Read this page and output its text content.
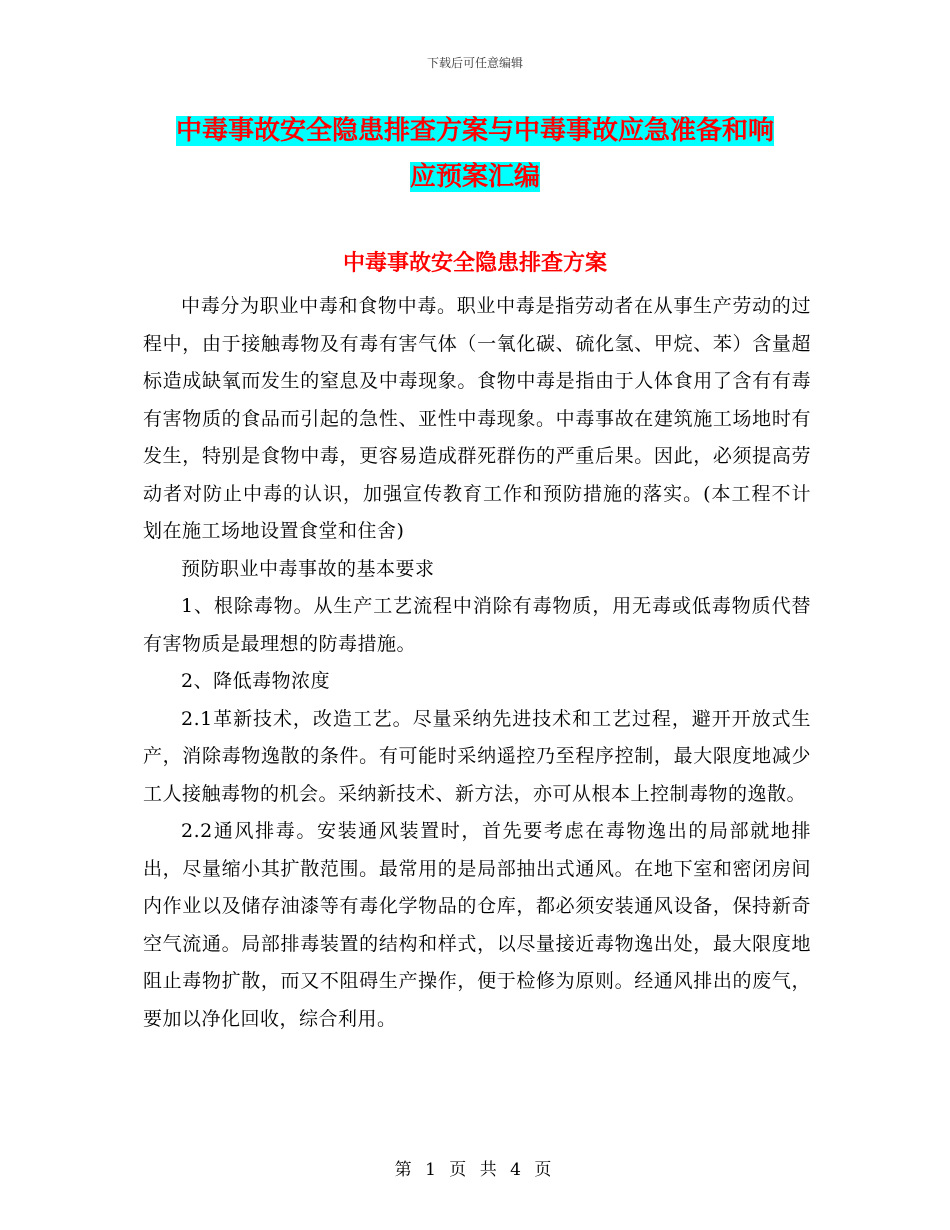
下载后可任意编辑
中毒事故安全隐患排查方案与中毒事故应急准备和响
应预案汇编
中毒事故安全隐患排查方案

中毒分为职业中毒和食物中毒。职业中毒是指劳动者在从事生产劳动的过程中，由于接触毒物及有毒有害气体（一氧化碳、硫化氢、甲烷、苯）含量超标造成缺氧而发生的窒息及中毒现象。食物中毒是指由于人体食用了含有有毒有害物质的食品而引起的急性、亚性中毒现象。中毒事故在建筑施工场地时有发生，特别是食物中毒，更容易造成群死群伤的严重后果。因此，必须提高劳动者对防止中毒的认识，加强宣传教育工作和预防措施的落实。(本工程不计划在施工场地设置食堂和住舍)

预防职业中毒事故的基本要求

1、根除毒物。从生产工艺流程中消除有毒物质，用无毒或低毒物质代替有害物质是最理想的防毒措施。

2、降低毒物浓度

2.1革新技术，改造工艺。尽量采纳先进技术和工艺过程，避开开放式生产，消除毒物逸散的条件。有可能时采纳遥控乃至程序控制，最大限度地减少工人接触毒物的机会。采纳新技术、新方法，亦可从根本上控制毒物的逸散。

2.2通风排毒。安装通风装置时，首先要考虑在毒物逸出的局部就地排出，尽量缩小其扩散范围。最常用的是局部抽出式通风。在地下室和密闭房间内作业以及储存油漆等有毒化学物品的仓库，都必须安装通风设备，保持新奇空气流通。局部排毒装置的结构和样式，以尽量接近毒物逸出处，最大限度地阻止毒物扩散，而又不阻碍生产操作，便于检修为原则。经通风排出的废气，要加以净化回收，综合利用。

第 1 页 共 4 页
